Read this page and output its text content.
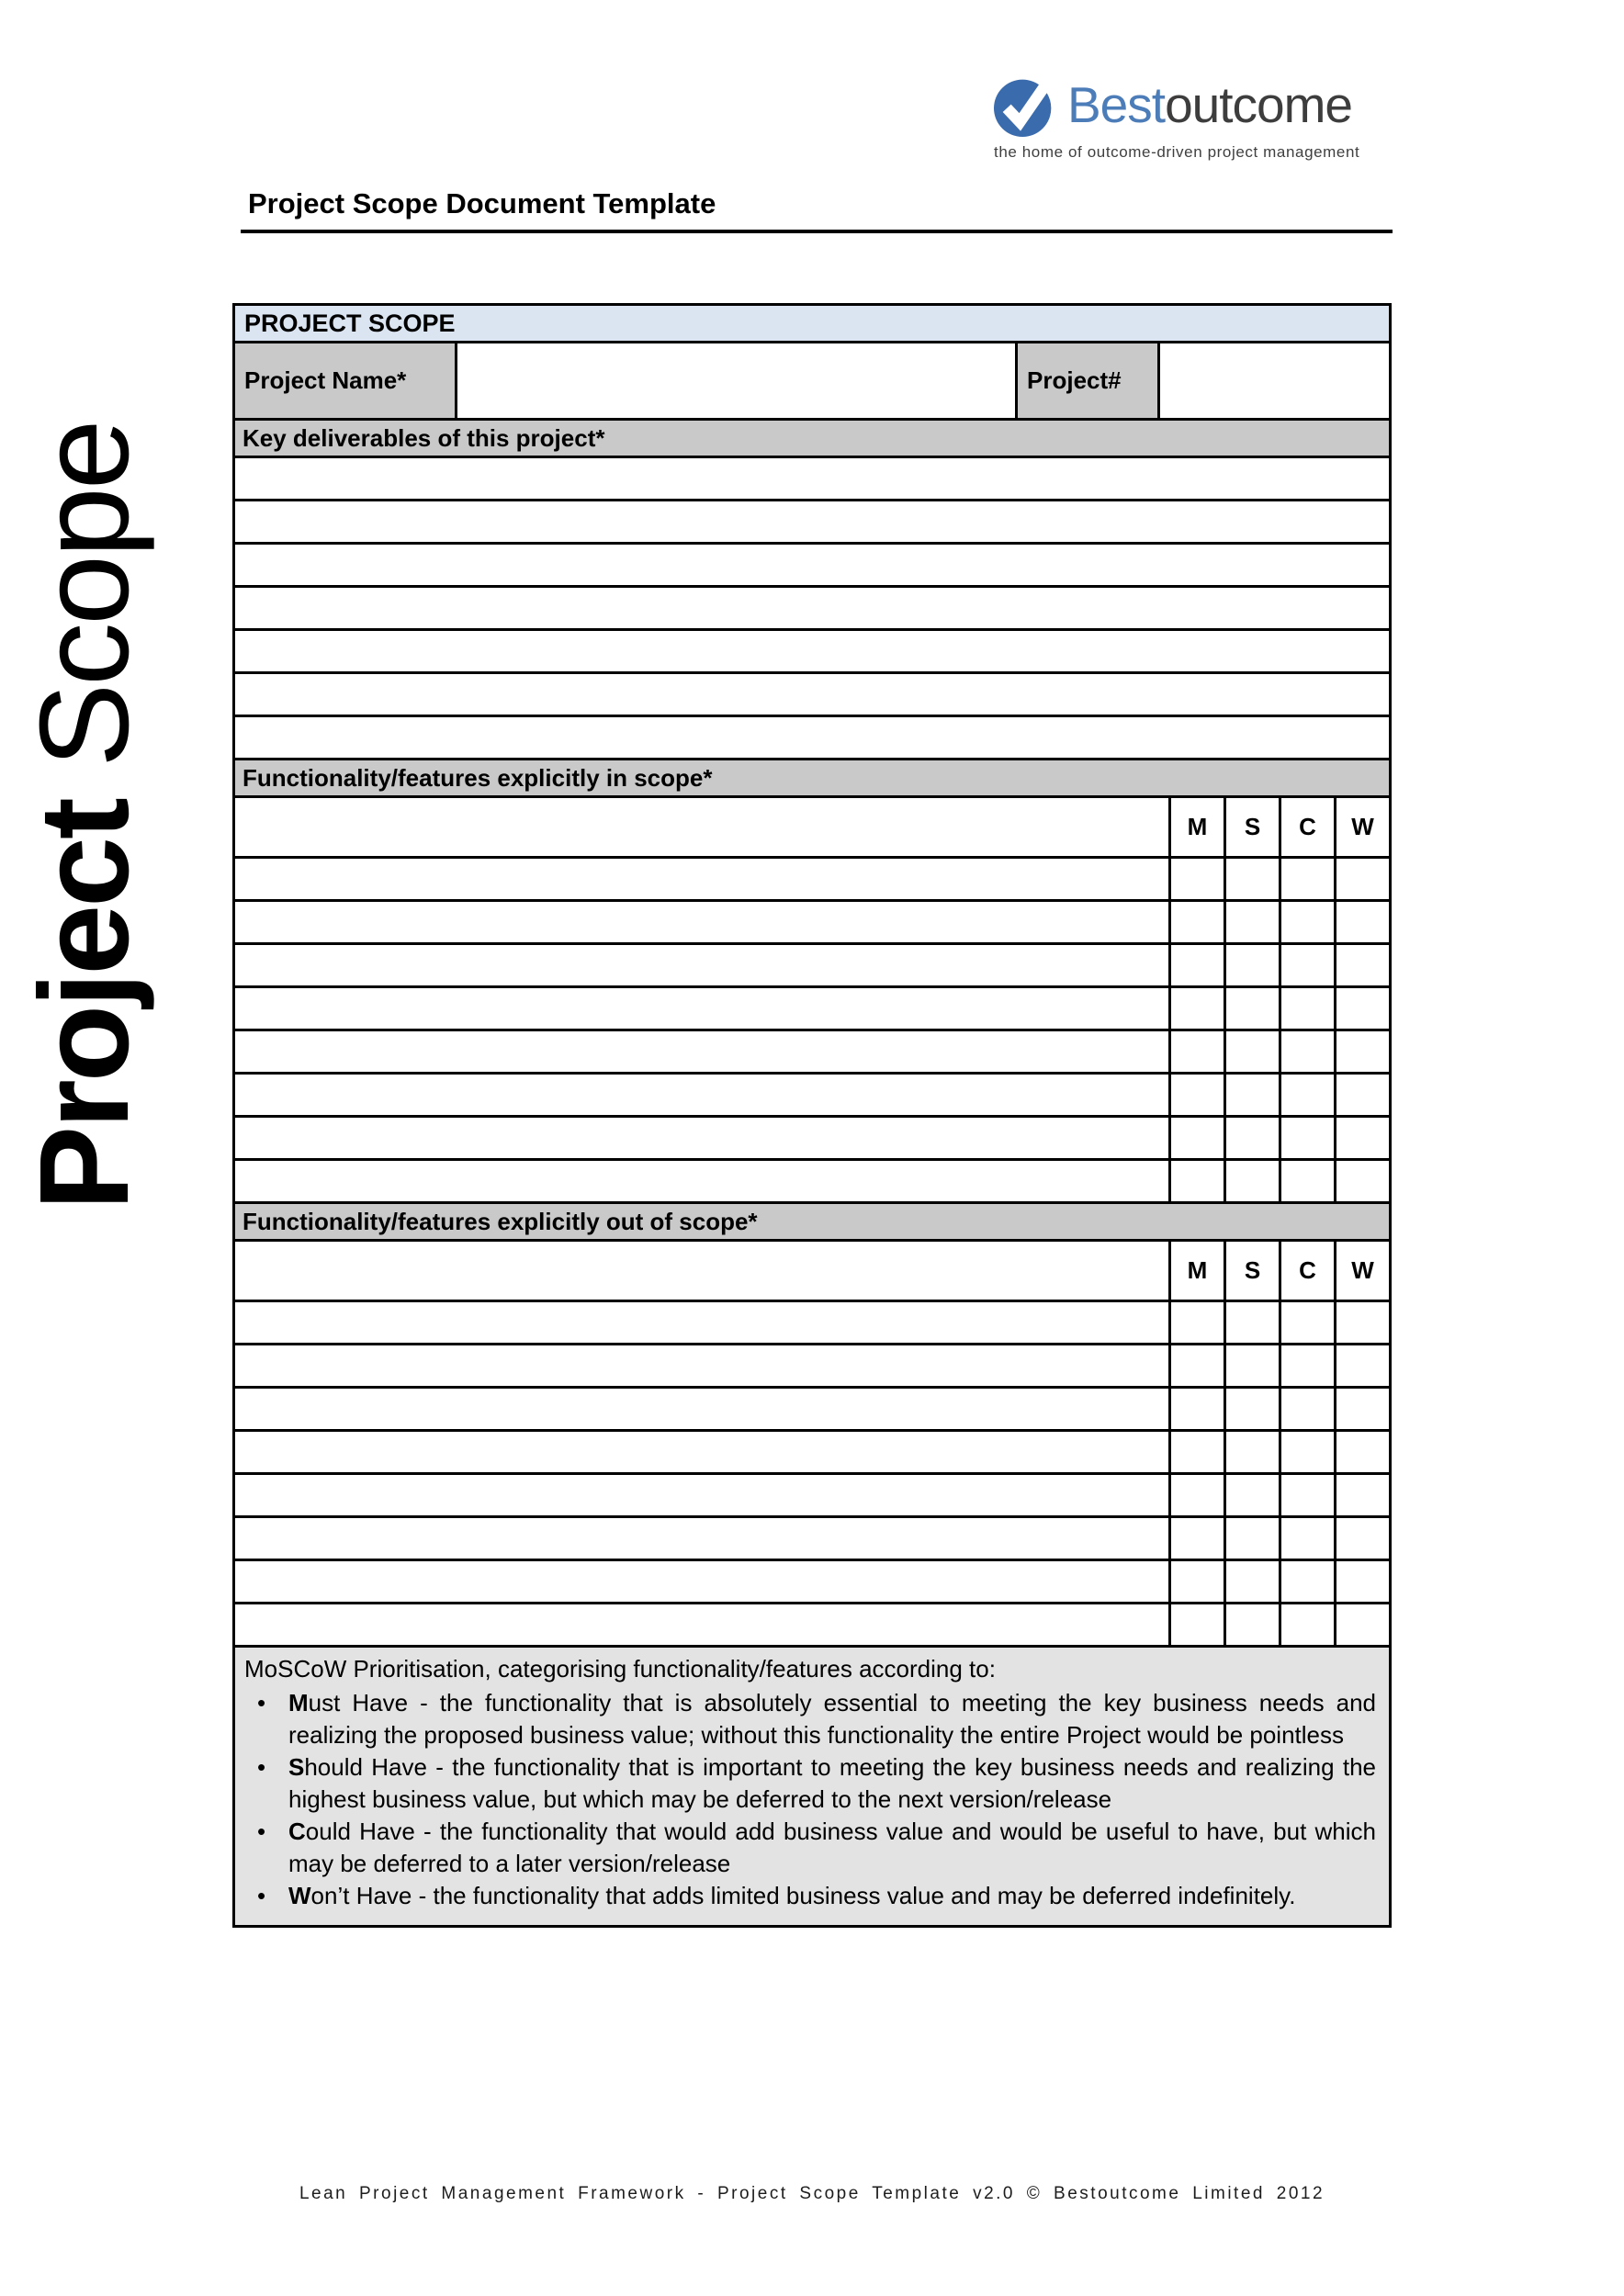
Bestoutcome
the home of outcome-driven project management
Project Scope Document Template
Project Scope
PROJECT SCOPE
Project Name*	Project#
Key deliverables of this project*
Functionality/features explicitly in scope*
M	S	C	W
Functionality/features explicitly out of scope*
M	S	C	W
MoSCoW Prioritisation, categorising functionality/features according to:
• Must Have - the functionality that is absolutely essential to meeting the key business needs and realizing the proposed business value; without this functionality the entire Project would be pointless
• Should Have - the functionality that is important to meeting the key business needs and realizing the highest business value, but which may be deferred to the next version/release
• Could Have - the functionality that would add business value and would be useful to have, but which may be deferred to a later version/release
• Won’t Have - the functionality that adds limited business value and may be deferred indefinitely.
Lean Project Management Framework - Project Scope Template v2.0 © Bestoutcome Limited 2012
